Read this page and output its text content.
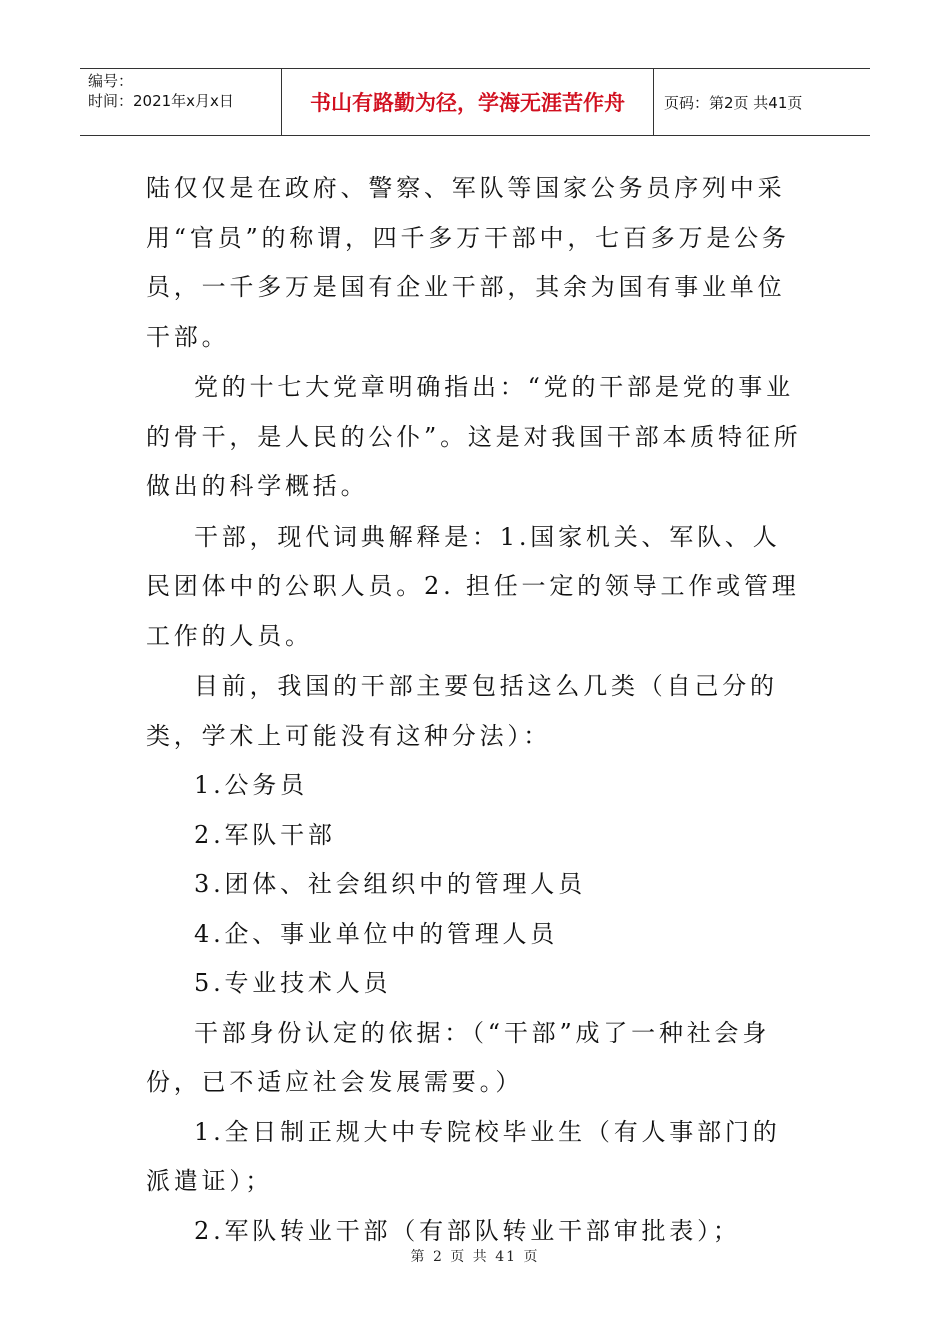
编号：
时间：2021年x月x日	书山有路勤为径，学海无涯苦作舟	页码：第2页 共41页

陆仅仅是在政府、警察、军队等国家公务员序列中采用“官员”的称谓，四千多万干部中，七百多万是公务员，一千多万是国有企业干部，其余为国有事业单位干部。

党的十七大党章明确指出：“党的干部是党的事业的骨干，是人民的公仆”。这是对我国干部本质特征所做出的科学概括。

干部，现代词典解释是：1.国家机关、军队、人民团体中的公职人员。2. 担任一定的领导工作或管理工作的人员。

目前，我国的干部主要包括这么几类（自己分的类，学术上可能没有这种分法）：

1.公务员

2.军队干部

3.团体、社会组织中的管理人员

4.企、事业单位中的管理人员

5.专业技术人员

干部身份认定的依据：（“干部”成了一种社会身份，已不适应社会发展需要。）

1.全日制正规大中专院校毕业生（有人事部门的派遣证）；

2.军队转业干部（有部队转业干部审批表）；

第 2 页 共 41 页
